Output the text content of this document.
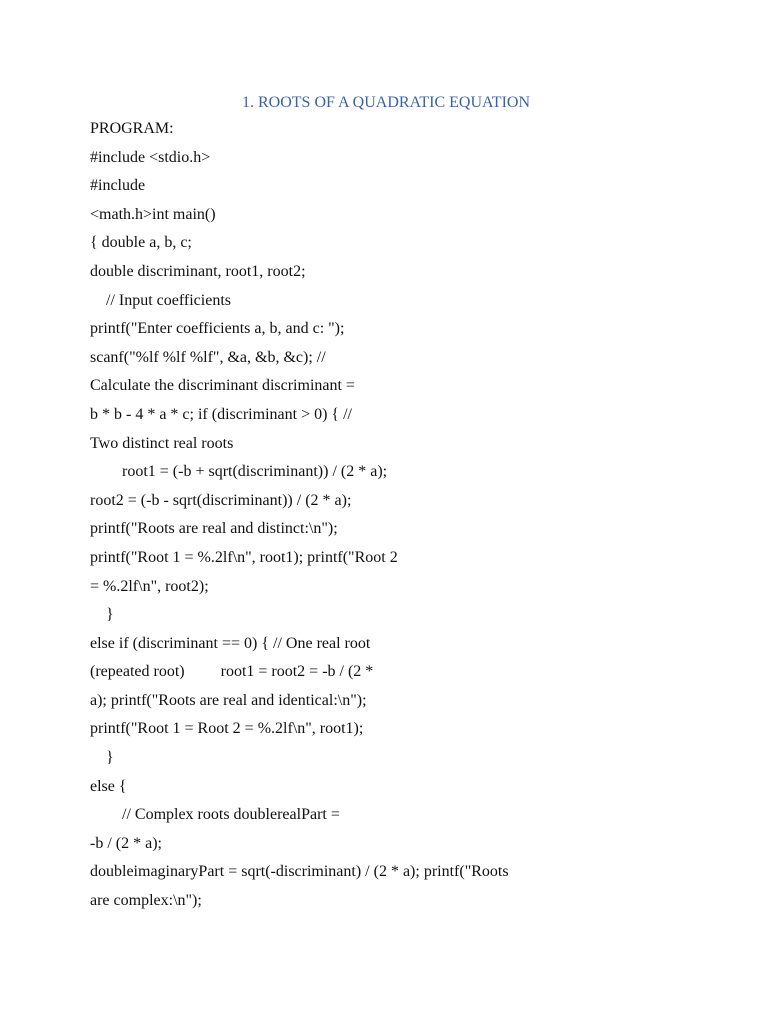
1. ROOTS OF A QUADRATIC EQUATION
PROGRAM:
#include <stdio.h>
#include
<math.h>int main()
{ double a, b, c;
double discriminant, root1, root2;
// Input coefficients
printf("Enter coefficients a, b, and c: ");
scanf("%lf %lf %lf", &a, &b, &c); //
Calculate the discriminant discriminant =
b * b - 4 * a * c; if (discriminant > 0) { //
Two distinct real roots
root1 = (-b + sqrt(discriminant)) / (2 * a);
root2 = (-b - sqrt(discriminant)) / (2 * a);
printf("Roots are real and distinct:\n");
printf("Root 1 = %.2lf\n", root1); printf("Root 2
= %.2lf\n", root2);
}
else if (discriminant == 0) { // One real root
(repeated root)         root1 = root2 = -b / (2 *
a); printf("Roots are real and identical:\n");
printf("Root 1 = Root 2 = %.2lf\n", root1);
}
else {
// Complex roots doublerealPart =
-b / (2 * a);
doubleimaginaryPart = sqrt(-discriminant) / (2 * a); printf("Roots
are complex:\n");
